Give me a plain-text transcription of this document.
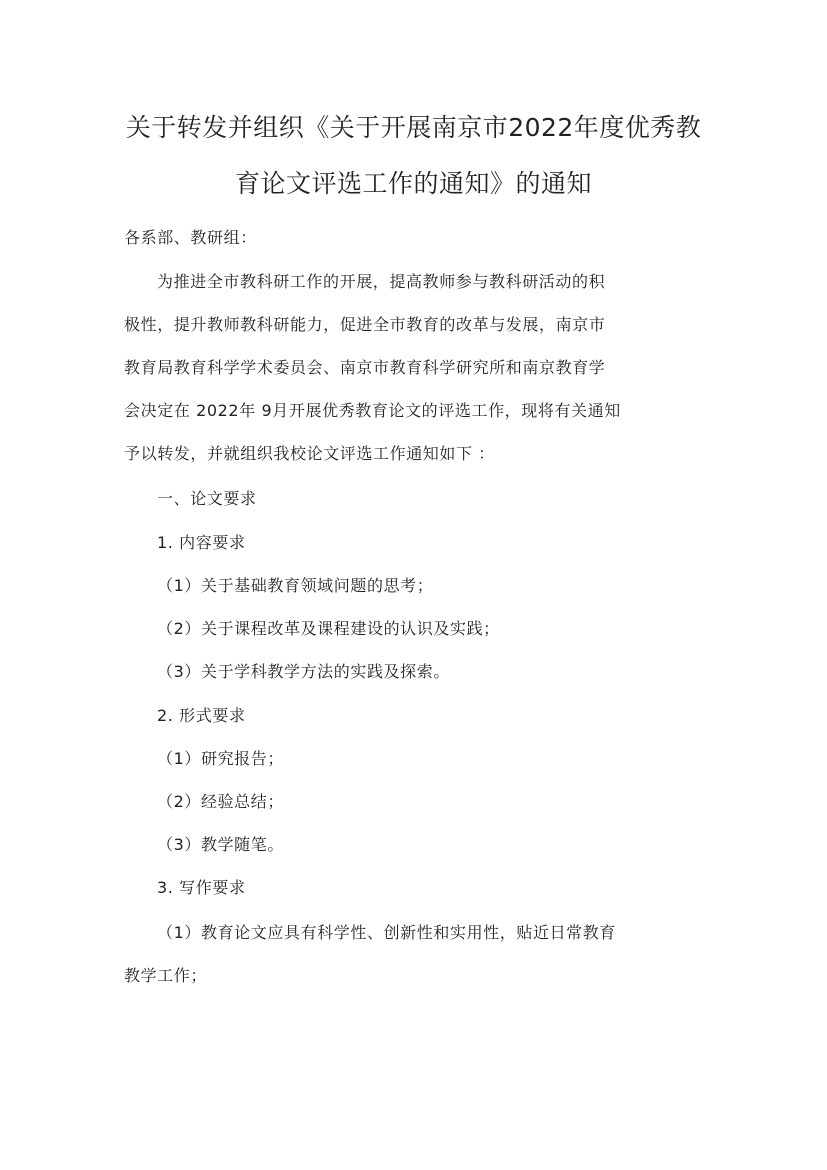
关于转发并组织《关于开展南京市2022年度优秀教
育论文评选工作的通知》的通知
各系部、教研组：
为推进全市教科研工作的开展，提高教师参与教科研活动的积
极性，提升教师教科研能力，促进全市教育的改革与发展，南京市
教育局教育科学学术委员会、南京市教育科学研究所和南京教育学
会决定在 2022年 9月开展优秀教育论文的评选工作，现将有关通知
予以转发，并就组织我校论文评选工作通知如下 ：
一、论文要求
1. 内容要求
（1）关于基础教育领域问题的思考；
（2）关于课程改革及课程建设的认识及实践；
（3）关于学科教学方法的实践及探索。
2. 形式要求
（1）研究报告；
（2）经验总结；
（3）教学随笔。
3. 写作要求
（1）教育论文应具有科学性、创新性和实用性，贴近日常教育
教学工作；
